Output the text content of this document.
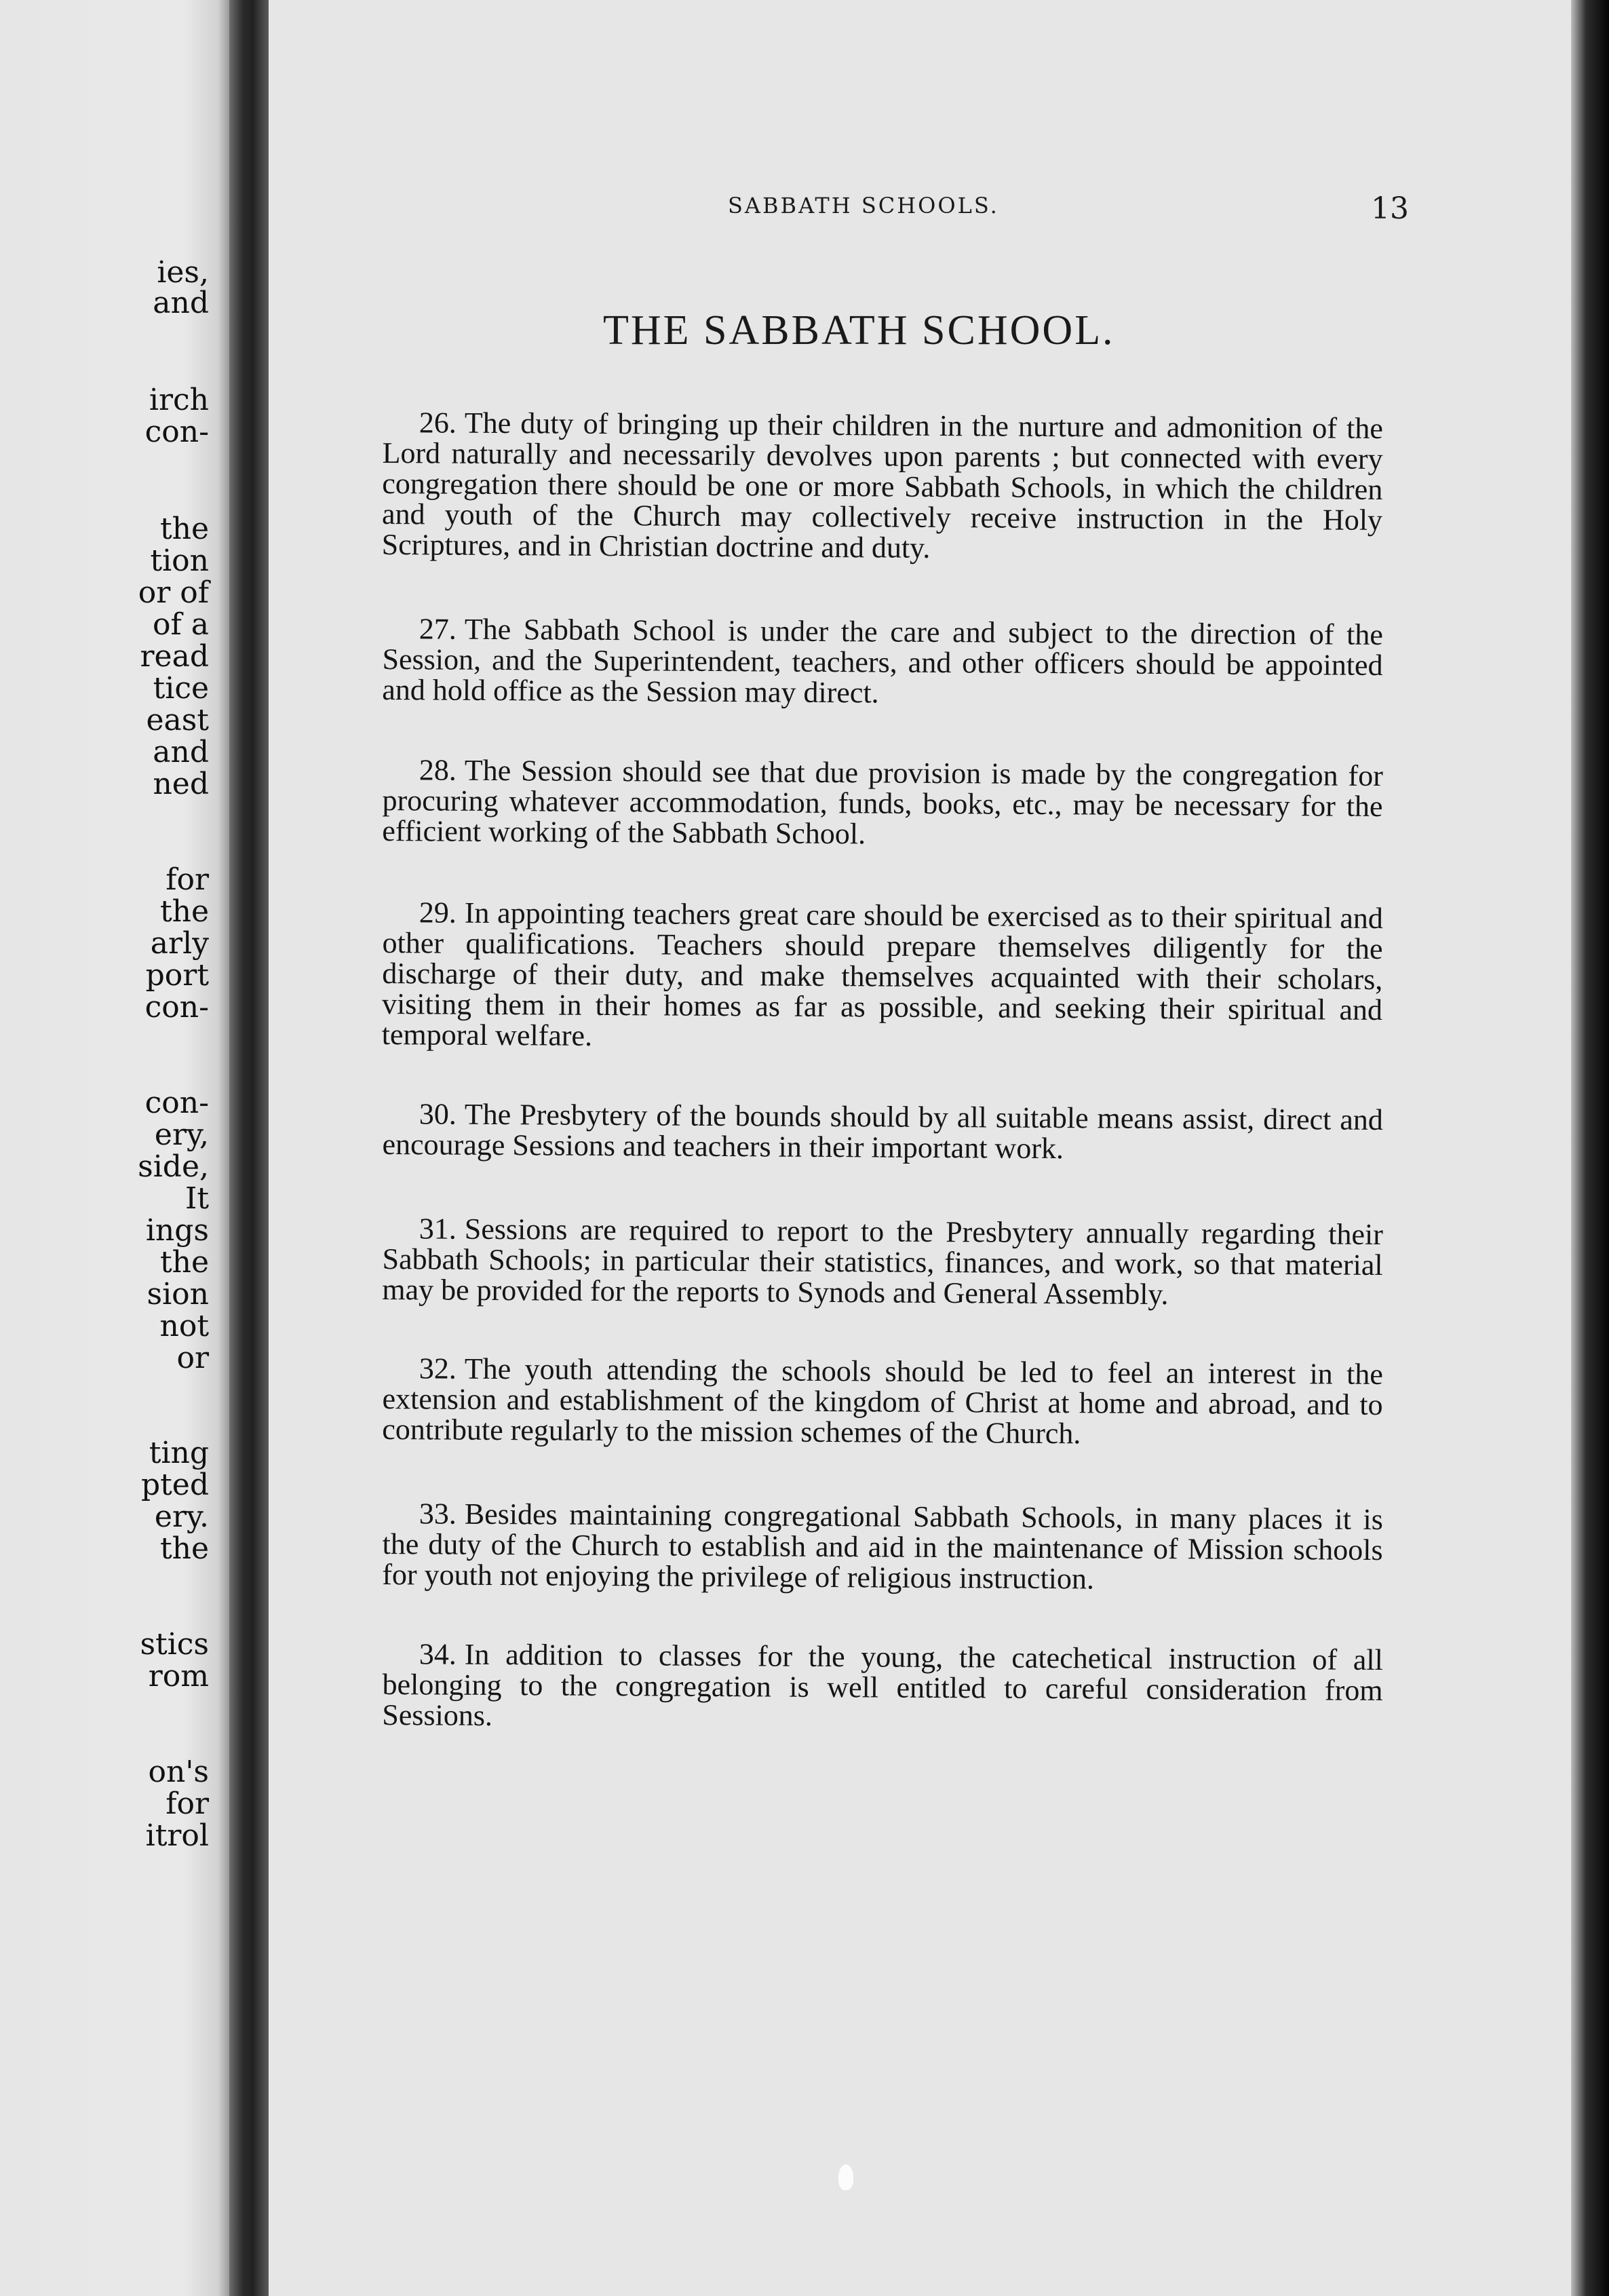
ies,
and
irch
con-
the
tion
or of
of a
read
tice
east
and
ned
for
the
arly
port
con-
con-
ery,
side,
It
ings
the
sion
not
or
ting
pted
ery.
the
stics
rom
on's
for
itrol
SABBATH SCHOOLS.	13
THE SABBATH SCHOOL.

26. The duty of bringing up their children in the nurture and admonition of the Lord naturally and necessarily devolves upon parents ; but connected with every congregation there should be one or more Sabbath Schools, in which the children and youth of the Church may collectively receive instruction in the Holy Scriptures, and in Christian doctrine and duty.

27. The Sabbath School is under the care and subject to the direction of the Session, and the Superintendent, teachers, and other officers should be appointed and hold office as the Session may direct.

28. The Session should see that due provision is made by the congregation for procuring whatever accommodation, funds, books, etc., may be necessary for the efficient working of the Sabbath School.

29. In appointing teachers great care should be exercised as to their spiritual and other qualifications. Teachers should prepare themselves diligently for the discharge of their duty, and make themselves acquainted with their scholars, visiting them in their homes as far as possible, and seeking their spiritual and temporal welfare.

30. The Presbytery of the bounds should by all suitable means assist, direct and encourage Sessions and teachers in their important work.

31. Sessions are required to report to the Presbytery annually regarding their Sabbath Schools; in particular their statistics, finances, and work, so that material may be provided for the reports to Synods and General Assembly.

32. The youth attending the schools should be led to feel an interest in the extension and establishment of the kingdom of Christ at home and abroad, and to contribute regularly to the mission schemes of the Church.

33. Besides maintaining congregational Sabbath Schools, in many places it is the duty of the Church to establish and aid in the maintenance of Mission schools for youth not enjoying the privilege of religious instruction.

34. In addition to classes for the young, the catechetical instruction of all belonging to the congregation is well entitled to careful consideration from Sessions.
